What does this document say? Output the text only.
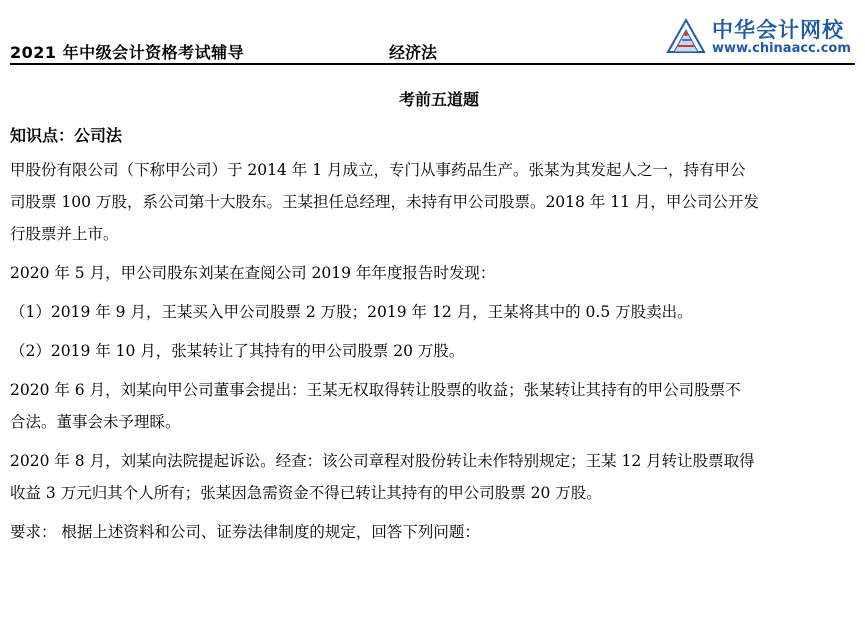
2021 年中级会计资格考试辅导	经济法
中华会计网校
www.chinaacc.com
考前五道题
知识点：公司法
甲股份有限公司（下称甲公司）于 2014 年 1 月成立，专门从事药品生产。张某为其发起人之一，持有甲公
司股票 100 万股，系公司第十大股东。王某担任总经理，未持有甲公司股票。2018 年 11 月，甲公司公开发
行股票并上市。
2020 年 5 月，甲公司股东刘某在查阅公司 2019 年年度报告时发现：
（1）2019 年 9 月，王某买入甲公司股票 2 万股；2019 年 12 月，王某将其中的 0.5 万股卖出。
（2）2019 年 10 月，张某转让了其持有的甲公司股票 20 万股。
2020 年 6 月，刘某向甲公司董事会提出：王某无权取得转让股票的收益；张某转让其持有的甲公司股票不
合法。董事会未予理睬。
2020 年 8 月，刘某向法院提起诉讼。经查：该公司章程对股份转让未作特别规定；王某 12 月转让股票取得
收益 3 万元归其个人所有；张某因急需资金不得已转让其持有的甲公司股票 20 万股。
要求： 根据上述资料和公司、证券法律制度的规定，回答下列问题：
